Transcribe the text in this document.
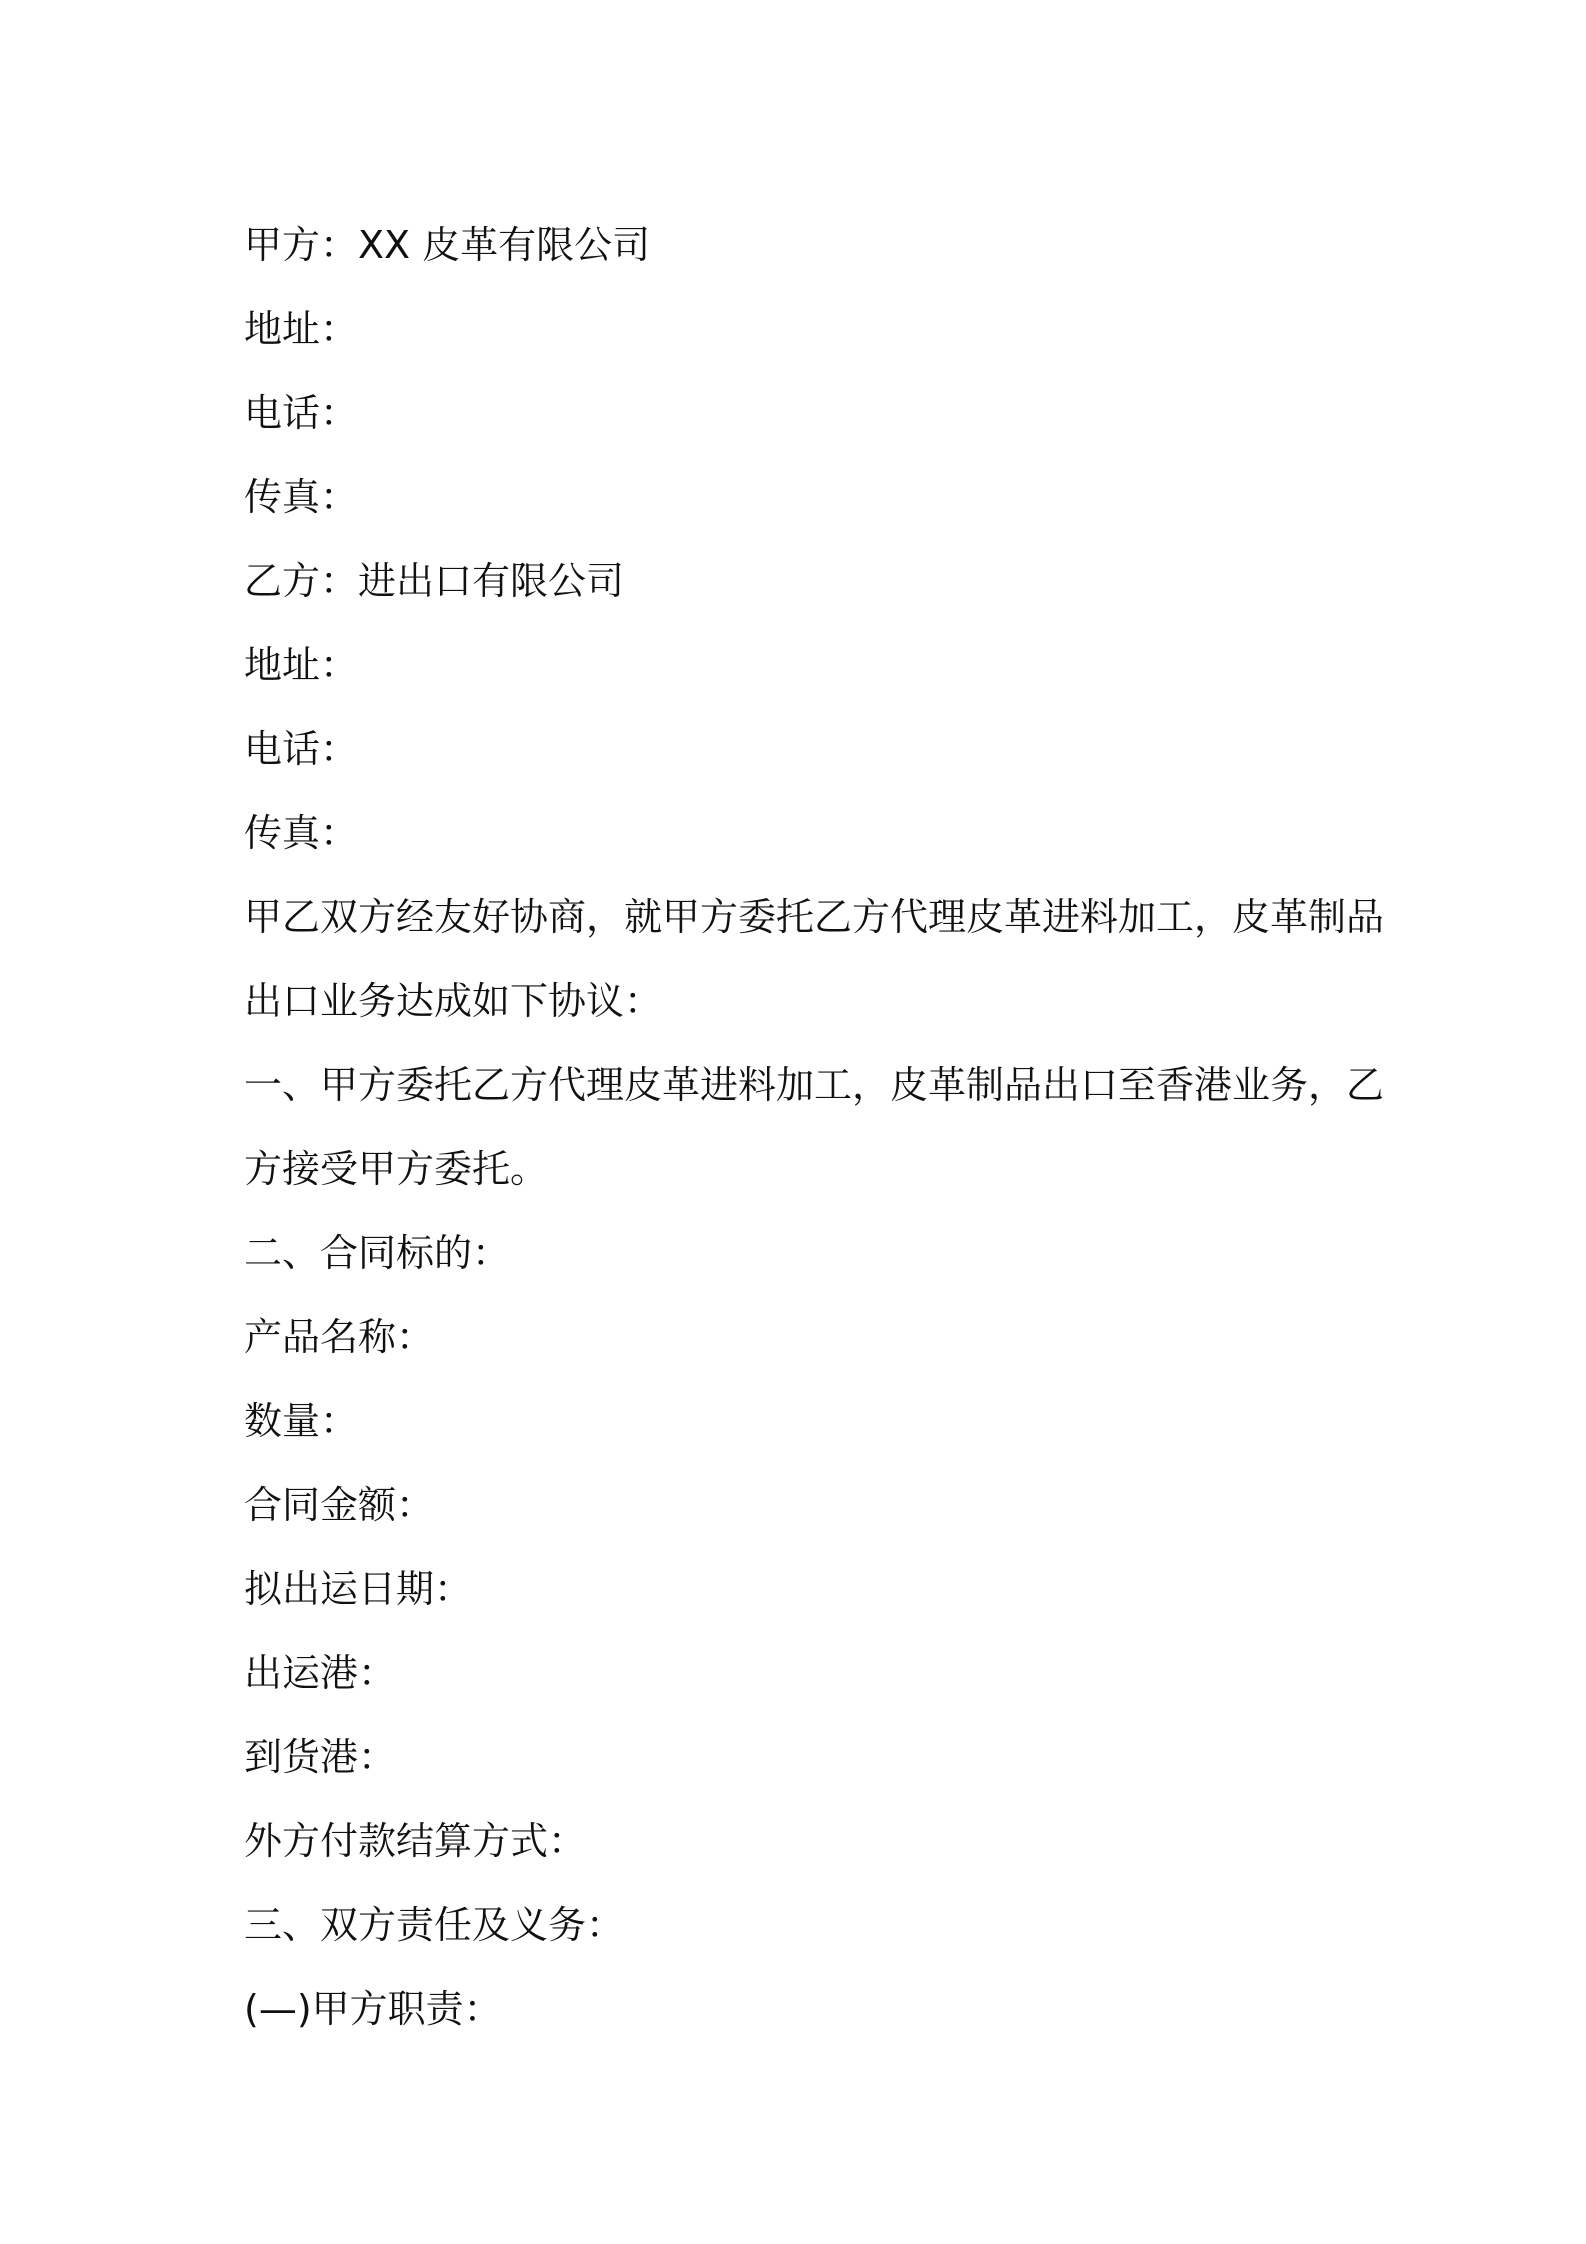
甲方：XX 皮革有限公司

地址：

电话：

传真：

乙方：进出口有限公司

地址：

电话：

传真：

甲乙双方经友好协商，就甲方委托乙方代理皮革进料加工，皮革制品

出口业务达成如下协议：

一、甲方委托乙方代理皮革进料加工，皮革制品出口至香港业务，乙

方接受甲方委托。

二、合同标的：

产品名称：

数量：

合同金额：

拟出运日期：

出运港：

到货港：

外方付款结算方式：

三、双方责任及义务：

(—)甲方职责：
